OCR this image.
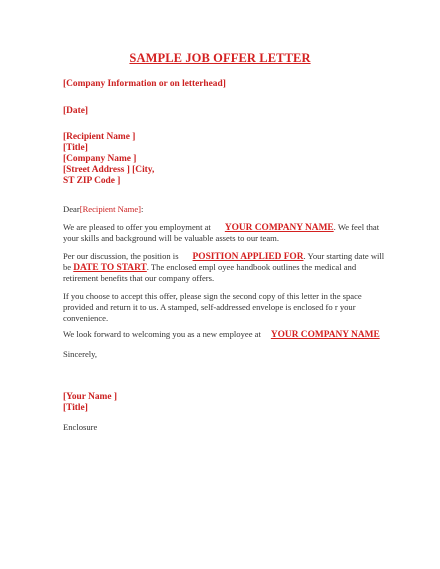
SAMPLE JOB OFFER LETTER
[Company Information or on letterhead]
[Date]
[Recipient Name ]
[Title]
[Company Name ]
[Street Address ] [City,
ST ZIP Code ]
Dear[Recipient Name]:
We are pleased to offer you employment at YOUR COMPANY NAME. We feel that
your skills and background will be valuable assets to our team.
Per our discussion, the position is POSITION APPLIED FOR. Your starting date will
be DATE TO START. The enclosed empl oyee handbook outlines the medical and
retirement benefits that our company offers.
If you choose to accept this offer, please sign the second copy of this letter in the space
provided and return it to us. A stamped, self-addressed envelope is enclosed fo r your
convenience.
We look forward to welcoming you as a new employee at YOUR COMPANY NAME
Sincerely,
[Your Name ]
[Title]
Enclosure
